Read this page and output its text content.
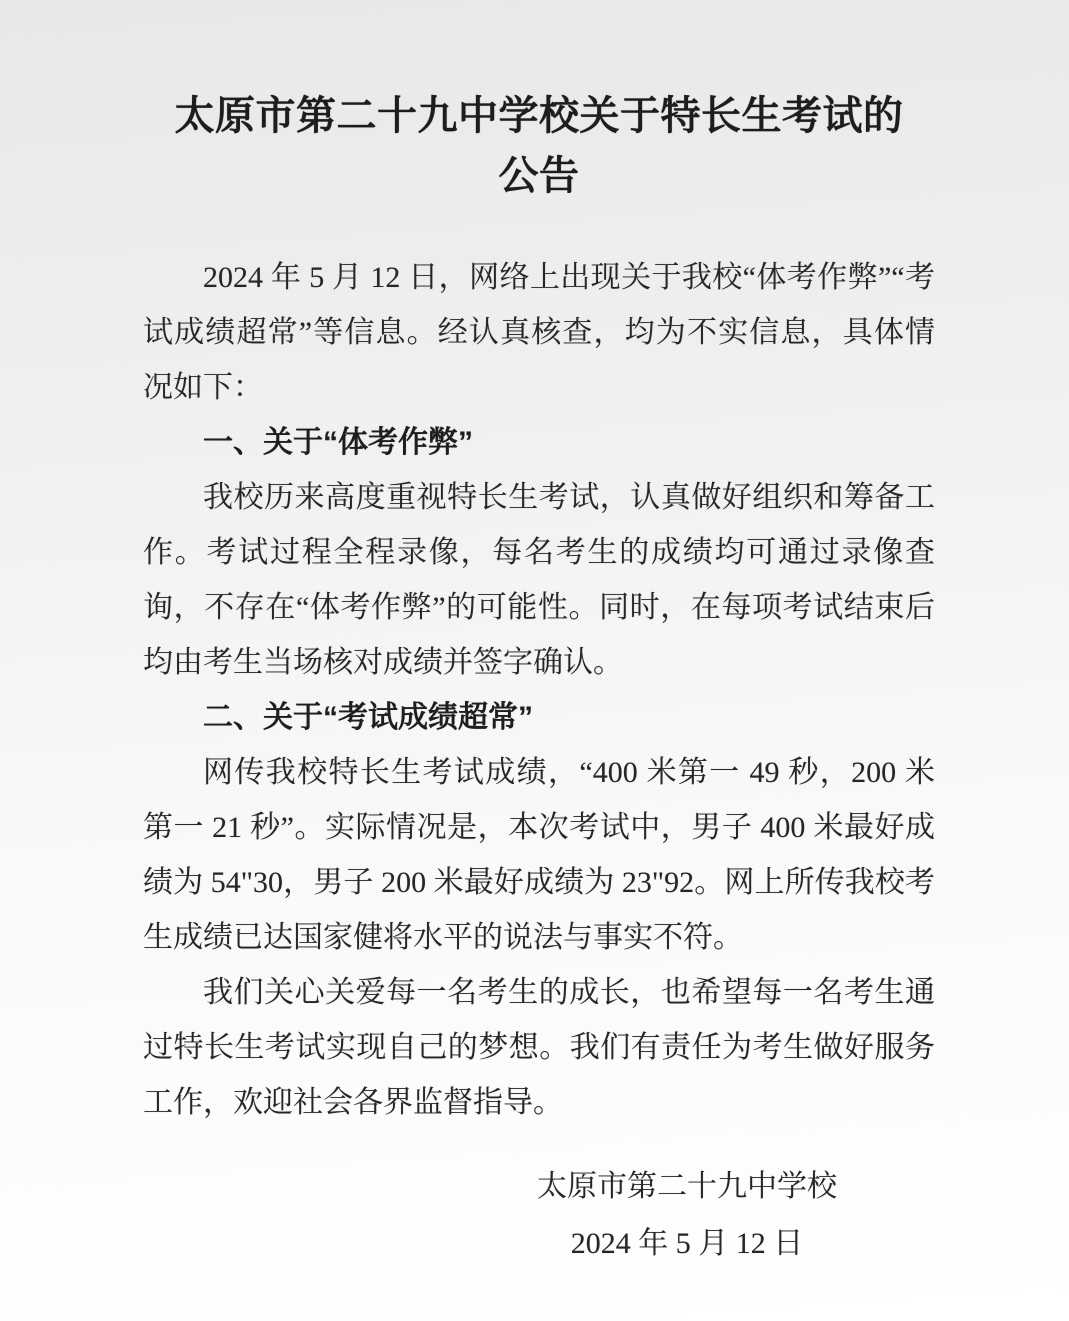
太原市第二十九中学校关于特长生考试的公告

2024 年 5 月 12 日，网络上出现关于我校“体考作弊”“考试成绩超常”等信息。经认真核查，均为不实信息，具体情况如下：

一、关于“体考作弊”

我校历来高度重视特长生考试，认真做好组织和筹备工作。考试过程全程录像，每名考生的成绩均可通过录像查询，不存在“体考作弊”的可能性。同时，在每项考试结束后均由考生当场核对成绩并签字确认。

二、关于“考试成绩超常”

网传我校特长生考试成绩，“400 米第一 49 秒，200 米第一 21 秒”。实际情况是，本次考试中，男子 400 米最好成绩为 54"30，男子 200 米最好成绩为 23"92。网上所传我校考生成绩已达国家健将水平的说法与事实不符。

我们关心关爱每一名考生的成长，也希望每一名考生通过特长生考试实现自己的梦想。我们有责任为考生做好服务工作，欢迎社会各界监督指导。

太原市第二十九中学校
2024 年 5 月 12 日
